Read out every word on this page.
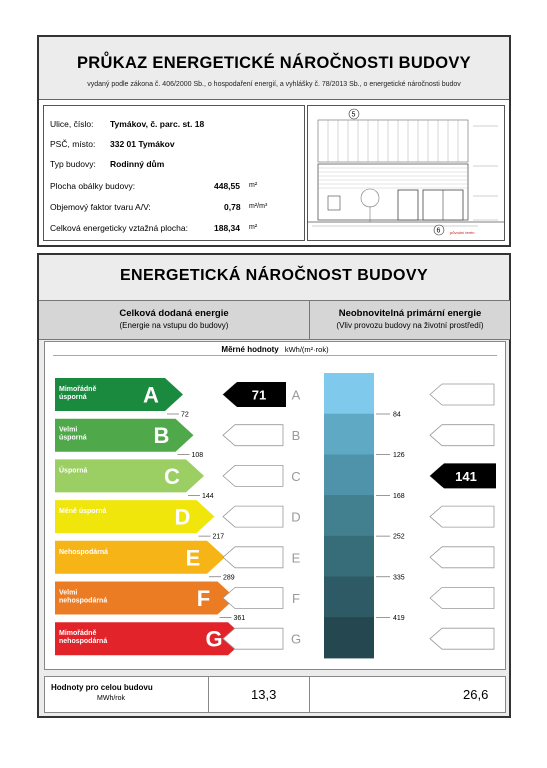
PRŮKAZ ENERGETICKÉ NÁROČNOSTI BUDOVY
vydaný podle zákona č. 406/2000 Sb., o hospodaření energií, a vyhlášky č. 78/2013 Sb., o energetické náročnosti budov
Ulice, číslo: Tymákov, č. parc. st. 18
PSČ, místo: 332 01 Tymákov
Typ budovy: Rodinný dům
Plocha obálky budovy:	448,55 m²
Objemový faktor tvaru A/V:	0,78 m²/m³
Celková energeticky vztažná plocha:	188,34 m²
5
6 původní terén
ENERGETICKÁ NÁROČNOST BUDOVY
Celková dodaná energie
(Energie na vstupu do budovy)
Neobnovitelná primární energie
(Vliv provozu budovy na životní prostředí)
Měrné hodnoty kWh/(m²·rok)
Mimořádně
úsporná	A	A
Velmi
úsporná	B	B
Úsporná	C	C
Méně úsporná	D	D
Nehospodárná	E	E
Velmi
nehospodárná	F	F
Mimořádně
nehospodárná	G	G
72
108
144
217
289
361
84
126
168
252
335
419
71
141
Hodnoty pro celou budovu
MWh/rok	13,3	26,6
